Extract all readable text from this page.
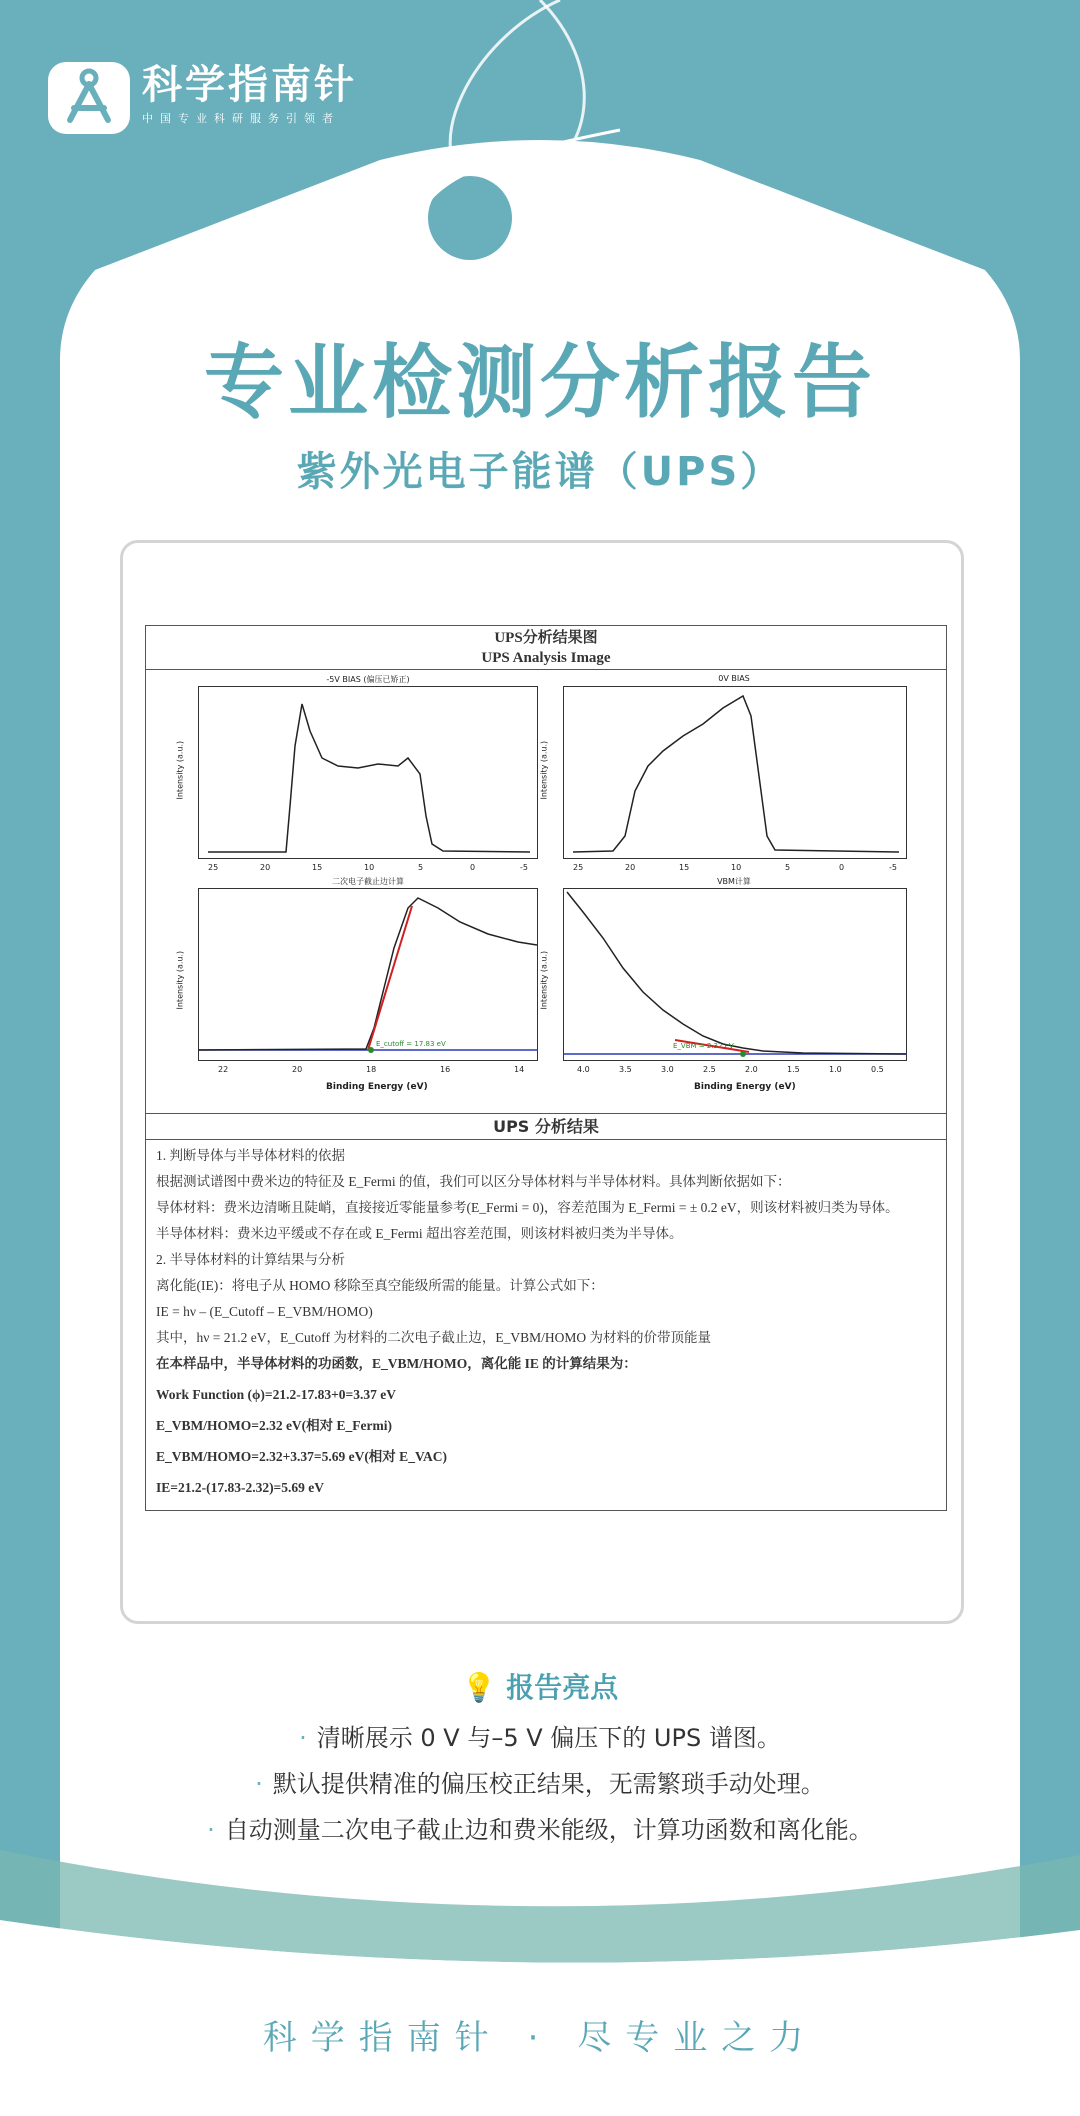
科学指南针
中国专业科研服务引领者
专业检测分析报告
紫外光电子能谱（UPS）
UPS分析结果图
UPS Analysis Image
-5V BIAS (偏压已矫正)
Intensity (a.u.)
25	20	15	10	5	0	-5
0V BIAS
Intensity (a.u.)
25	20	15	10	5	0	-5
二次电子截止边计算
Intensity (a.u.)
E_cutoff = 17.83 eV
22	20	18	16	14
Binding Energy (eV)
VBM计算
Intensity (a.u.)
E_VBM = 2.32 eV
4.0	3.5	3.0	2.5	2.0	1.5	1.0	0.5
Binding Energy (eV)
UPS 分析结果
1. 判断导体与半导体材料的依据
根据测试谱图中费米边的特征及 E_Fermi 的值，我们可以区分导体材料与半导体材料。具体判断依据如下：
导体材料：费米边清晰且陡峭，直接接近零能量参考(E_Fermi = 0)，容差范围为 E_Fermi = ± 0.2 eV，则该材料被归类为导体。
半导体材料：费米边平缓或不存在或 E_Fermi 超出容差范围，则该材料被归类为半导体。
2. 半导体材料的计算结果与分析
离化能(IE)：将电子从 HOMO 移除至真空能级所需的能量。计算公式如下：
IE = hν – (E_Cutoff – E_VBM/HOMO)
其中，hν = 21.2 eV，E_Cutoff 为材料的二次电子截止边，E_VBM/HOMO 为材料的价带顶能量
在本样品中，半导体材料的功函数，E_VBM/HOMO，离化能 IE 的计算结果为：
Work Function (ϕ)=21.2-17.83+0=3.37 eV
E_VBM/HOMO=2.32 eV(相对 E_Fermi)
E_VBM/HOMO=2.32+3.37=5.69 eV(相对 E_VAC)
IE=21.2-(17.83-2.32)=5.69 eV
💡 报告亮点
· 清晰展示 0 V 与–5 V 偏压下的 UPS 谱图。
· 默认提供精准的偏压校正结果，无需繁琐手动处理。
· 自动测量二次电子截止边和费米能级，计算功函数和离化能。
科学指南针 · 尽专业之力
